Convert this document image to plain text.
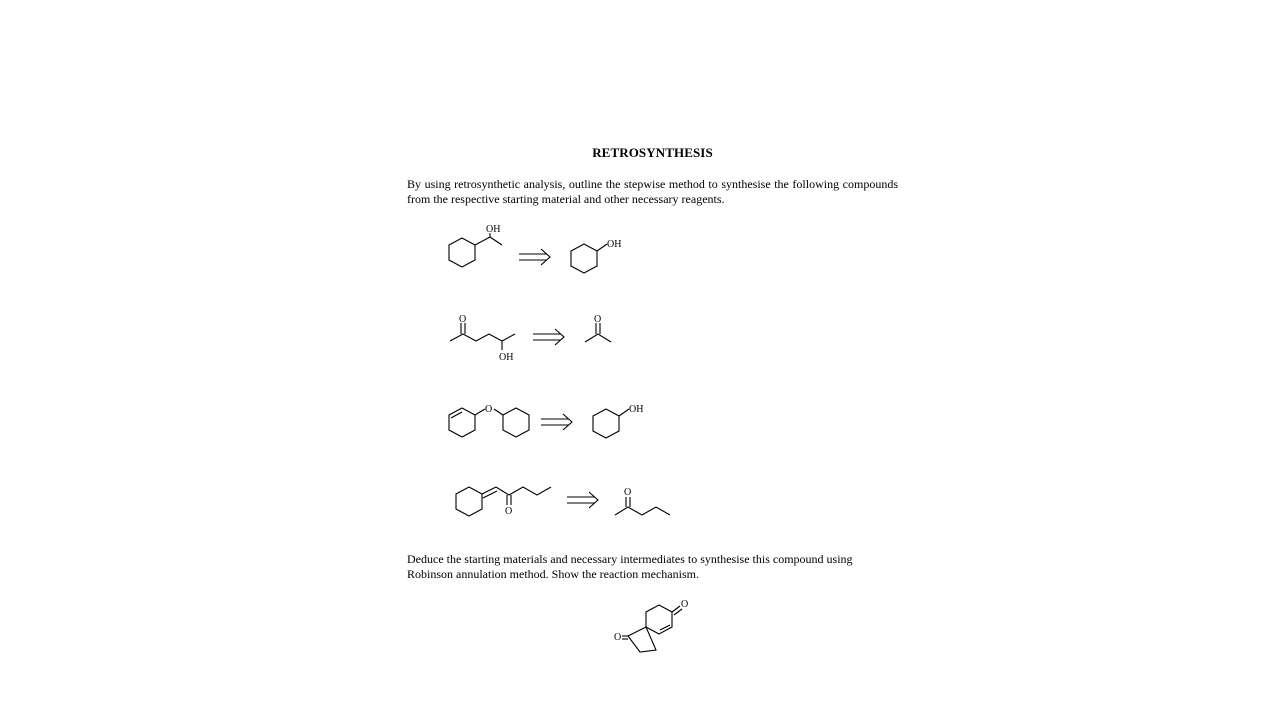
RETROSYNTHESIS
By using retrosynthetic analysis, outline the stepwise method to synthesise the following compounds from the respective starting material and other necessary reagents.
Deduce the starting materials and necessary intermediates to synthesise this compound using Robinson annulation method. Show the reaction mechanism.
OH
OH
O
OH
O
O	OH
O
O
O
O
